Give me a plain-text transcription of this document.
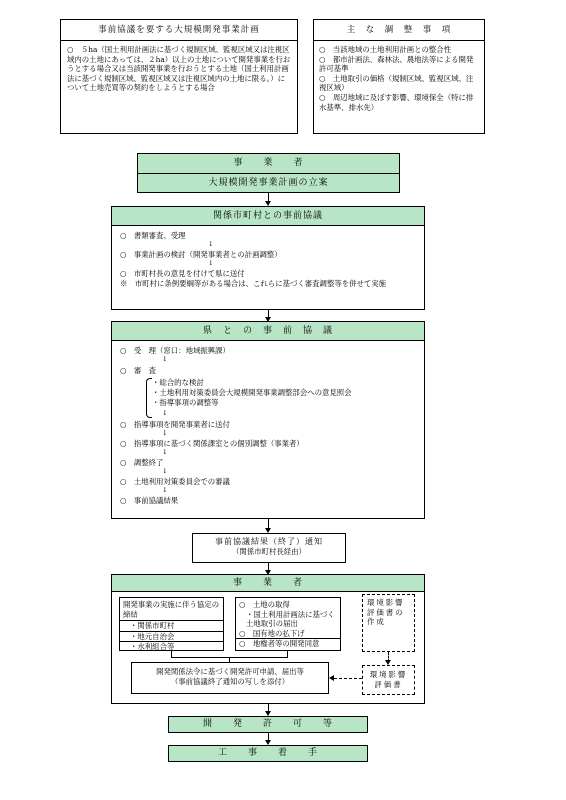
事前協議を要する大規模開発事業計画
○　５ha（国土利用計画法に基づく規制区域、監視区域又は注視区域内の土地にあっては、２ha）以上の土地について開発事業を行おうとする場合又は当該開発事業を行おうとする土地（国土利用計画法に基づく規制区域、監視区域又は注視区域内の土地に限る。）について土地売買等の契約をしようとする場合
主　な　調　整　事　項
○　当該地域の土地利用計画との整合性
○　都市計画法、森林法、農地法等による開発許可基準
○　土地取引の価格（規制区域、監視区域、注視区域）
○　周辺地域に及ぼす影響、環境保全（特に排水基準、排水先）
事　　業　　者
大規模開発事業計画の立案
関係市町村との事前協議
○　書類審査、受理
↓
○　事業計画の検討（開発事業者との計画調整）
↓
○　市町村長の意見を付けて県に送付
※　市町村に条例要綱等がある場合は、これらに基づく審査調整等を併せて実施
県　と　の　事　前　協　議
○　受　理（窓口：地域振興課）
↓
○　審　査
・総合的な検討
・土地利用対策委員会大規模開発事業調整部会への意見照会
・指導事項の調整等
↓
○　指導事項を開発事業者に送付
↓
○　指導事項に基づく関係課室との個別調整（事業者）
↓
○　調整終了
↓
○　土地利用対策委員会での審議
↓
○　事前協議結果
事前協議結果（終了）通知
（関係市町村長経由）
事　　業　　者
開発事業の実施に伴う協定の締結
・関係市町村
・地元自治会
・水利組合等
○　土地の取得
・国土利用計画法に基づく土地取引の届出
○　国有地の払下げ
○　地権者等の開発同意
環境影響評価書の作成
開発関係法令に基づく開発許可申請、届出等
（事前協議終了通知の写しを添付）
環境影響評価書
開　　発　　許　　可　　等
工　　事　　着　　手
